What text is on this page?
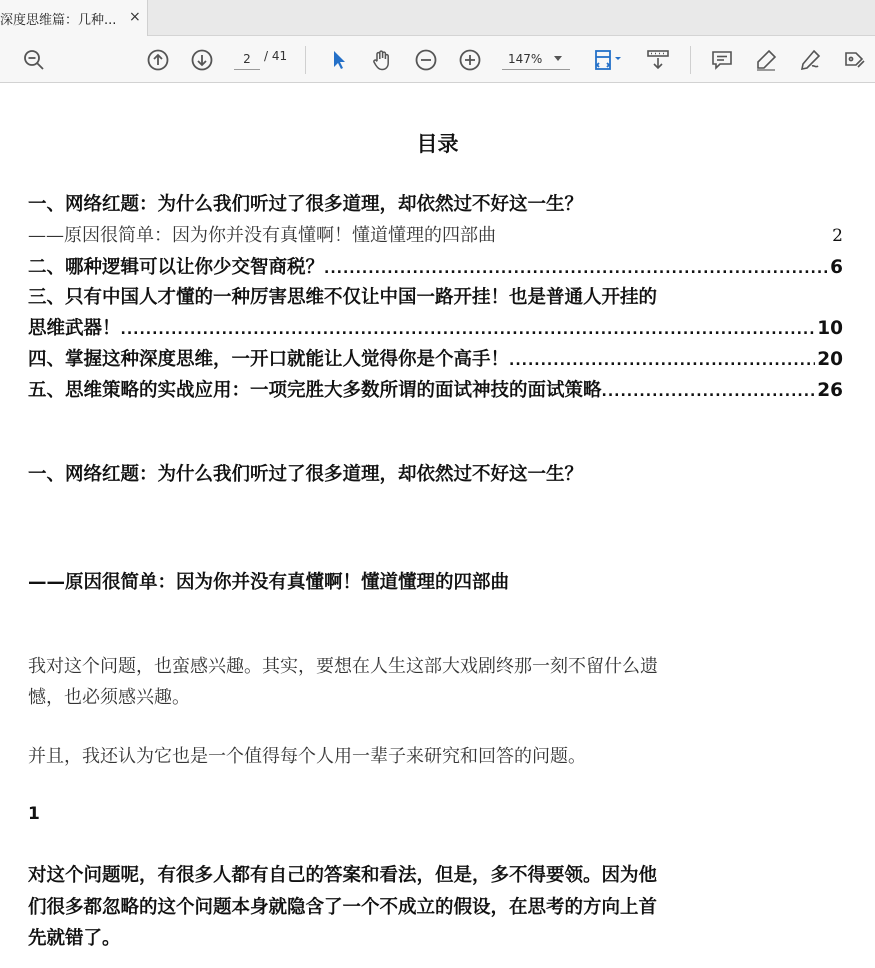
深度思维篇：几种... ×
2	/ 41	147%
目录
一、网络红题：为什么我们听过了很多道理，却依然过不好这一生？
——原因很简单：因为你并没有真懂啊！懂道懂理的四部曲	2
二、哪种逻辑可以让你少交智商税？ .....	6
三、只有中国人才懂的一种厉害思维不仅让中国一路开挂！也是普通人开挂的
思维武器！ .....	10
四、掌握这种深度思维，一开口就能让人觉得你是个高手！ .....	20
五、思维策略的实战应用：一项完胜大多数所谓的面试神技的面试策略 .....	26
一、网络红题：为什么我们听过了很多道理，却依然过不好这一生？
——原因很简单：因为你并没有真懂啊！懂道懂理的四部曲
我对这个问题，也蛮感兴趣。其实，要想在人生这部大戏剧终那一刻不留什么遗
憾，也必须感兴趣。
并且，我还认为它也是一个值得每个人用一辈子来研究和回答的问题。
1
对这个问题呢，有很多人都有自己的答案和看法，但是，多不得要领。因为他
们很多都忽略的这个问题本身就隐含了一个不成立的假设，在思考的方向上首
先就错了。
